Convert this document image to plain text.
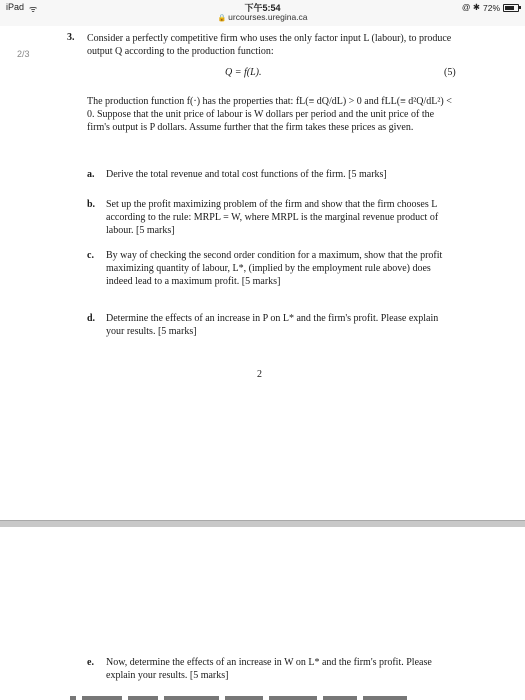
iPad ᯤ	下午5:54
🔒 urcourses.uregina.ca
@ ✱ 72%
2/3
3. Consider a perfectly competitive firm who uses the only factor input L (labour), to produce output Q according to the production function:
Q = f(L).	(5)
The production function f(·) has the properties that: fL(≡ dQ/dL) > 0 and fLL(≡ d²Q/dL²) < 0. Suppose that the unit price of labour is W dollars per period and the unit price of the firm's output is P dollars. Assume further that the firm takes these prices as given.
a. Derive the total revenue and total cost functions of the firm. [5 marks]
b. Set up the profit maximizing problem of the firm and show that the firm chooses L according to the rule: MRPL = W, where MRPL is the marginal revenue product of labour. [5 marks]
c. By way of checking the second order condition for a maximum, show that the profit maximizing quantity of labour, L*, (implied by the employment rule above) does indeed lead to a maximum profit. [5 marks]
d. Determine the effects of an increase in P on L* and the firm's profit. Please explain your results. [5 marks]
2
e. Now, determine the effects of an increase in W on L* and the firm's profit. Please explain your results. [5 marks]
